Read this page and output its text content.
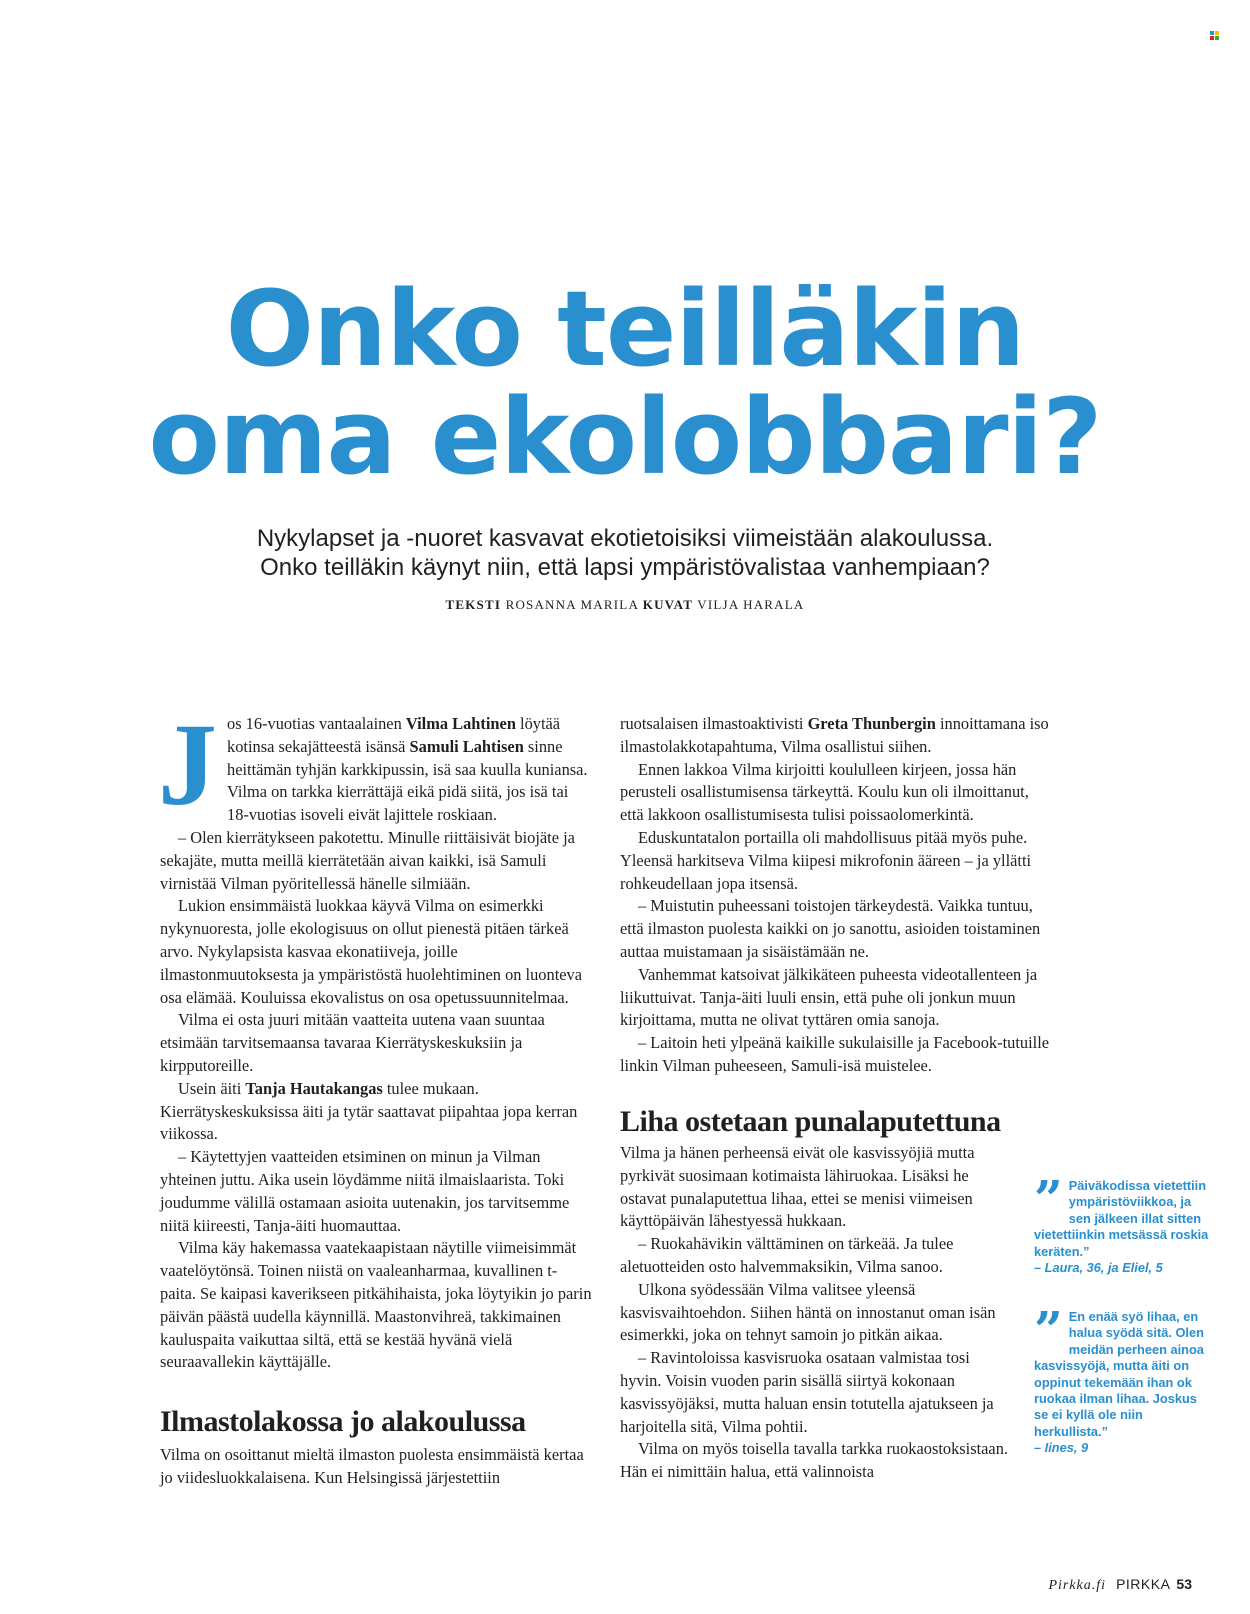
Onko teilläkin
oma ekolobbari?

Nykylapset ja -nuoret kasvavat ekotietoisiksi viimeistään alakoulussa.

Onko teilläkin käynyt niin, että lapsi ympäristövalistaa vanhempiaan?

TEKSTI ROSANNA MARILA KUVAT VILJA HARALA

Jos 16-vuotias vantaalainen Vilma Lahtinen löytää kotinsa sekajätteestä isänsä Samuli Lahtisen sinne heittämän tyhjän karkkipussin, isä saa kuulla kuniansa. Vilma on tarkka kierrättäjä eikä pidä siitä, jos isä tai 18-vuotias isoveli eivät lajittele roskiaan.

– Olen kierrätykseen pakotettu. Minulle riittäisivät biojäte ja sekajäte, mutta meillä kierrätetään aivan kaikki, isä Samuli virnistää Vilman pyöritellessä hänelle silmiään.

Lukion ensimmäistä luokkaa käyvä Vilma on esimerkki nykynuoresta, jolle ekologisuus on ollut pienestä pitäen tärkeä arvo. Nykylapsista kasvaa ekonatiiveja, joille ilmastonmuutoksesta ja ympäristöstä huolehtiminen on luonteva osa elämää. Kouluissa ekovalistus on osa opetussuunnitelmaa.

Vilma ei osta juuri mitään vaatteita uutena vaan suuntaa etsimään tarvitsemaansa tavaraa Kierrätyskeskuksiin ja kirpputoreille.

Usein äiti Tanja Hautakangas tulee mukaan. Kierrätyskeskuksissa äiti ja tytär saattavat piipahtaa jopa kerran viikossa.

– Käytettyjen vaatteiden etsiminen on minun ja Vilman yhteinen juttu. Aika usein löydämme niitä ilmaislaarista. Toki joudumme välillä ostamaan asioita uutenakin, jos tarvitsemme niitä kiireesti, Tanja-äiti huomauttaa.

Vilma käy hakemassa vaatekaapistaan näytille viimeisimmät vaatelöytönsä. Toinen niistä on vaaleanharmaa, kuvallinen t-paita. Se kaipasi kaverikseen pitkähihaista, joka löytyikin jo parin päivän päästä uudella käynnillä. Maastonvihreä, takkimainen kauluspaita vaikuttaa siltä, että se kestää hyvänä vielä seuraavallekin käyttäjälle.

Ilmastolakossa jo alakoulussa

Vilma on osoittanut mieltä ilmaston puolesta ensimmäistä kertaa jo viidesluokkalaisena. Kun Helsingissä järjestettiin

ruotsalaisen ilmastoaktivisti Greta Thunbergin innoittamana iso ilmastolakkotapahtuma, Vilma osallistui siihen.

Ennen lakkoa Vilma kirjoitti koululleen kirjeen, jossa hän perusteli osallistumisensa tärkeyttä. Koulu kun oli ilmoittanut, että lakkoon osallistumisesta tulisi poissaolomerkintä.

Eduskuntatalon portailla oli mahdollisuus pitää myös puhe. Yleensä harkitseva Vilma kiipesi mikrofonin ääreen – ja yllätti rohkeudellaan jopa itsensä.

– Muistutin puheessani toistojen tärkeydestä. Vaikka tuntuu, että ilmaston puolesta kaikki on jo sanottu, asioiden toistaminen auttaa muistamaan ja sisäistämään ne.

Vanhemmat katsoivat jälkikäteen puheesta videotallenteen ja liikuttuivat. Tanja-äiti luuli ensin, että puhe oli jonkun muun kirjoittama, mutta ne olivat tyttären omia sanoja.

– Laitoin heti ylpeänä kaikille sukulaisille ja Facebook-tutuille linkin Vilman puheeseen, Samuli-isä muistelee.

Liha ostetaan punalaputettuna

Vilma ja hänen perheensä eivät ole kasvissyöjiä mutta pyrkivät suosimaan kotimaista lähiruokaa. Lisäksi he ostavat punalaputettua lihaa, ettei se menisi viimeisen käyttöpäivän lähestyessä hukkaan.

– Ruokahävikin välttäminen on tärkeää. Ja tulee aletuotteiden osto halvemmaksikin, Vilma sanoo.

Ulkona syödessään Vilma valitsee yleensä kasvisvaihtoehdon. Siihen häntä on innostanut oman isän esimerkki, joka on tehnyt samoin jo pitkän aikaa.

– Ravintoloissa kasvisruoka osataan valmistaa tosi hyvin. Voisin vuoden parin sisällä siirtyä kokonaan kasvissyöjäksi, mutta haluan ensin totutella ajatukseen ja harjoitella sitä, Vilma pohtii.

Vilma on myös toisella tavalla tarkka ruokaostoksistaan. Hän ei nimittäin halua, että valinnoista

” Päiväkodissa vietettiin ympäristöviikkoa, ja sen jälkeen illat sitten vietettiinkin metsässä roskia keräten.”
– Laura, 36, ja Eliel, 5
” En enää syö lihaa, en halua syödä sitä. Olen meidän perheen ainoa kasvissyöjä, mutta äiti on oppinut tekemään ihan ok ruokaa ilman lihaa. Joskus se ei kyllä ole niin herkullista.”
– Iines, 9
Pirkka.fi PIRKKA 53
